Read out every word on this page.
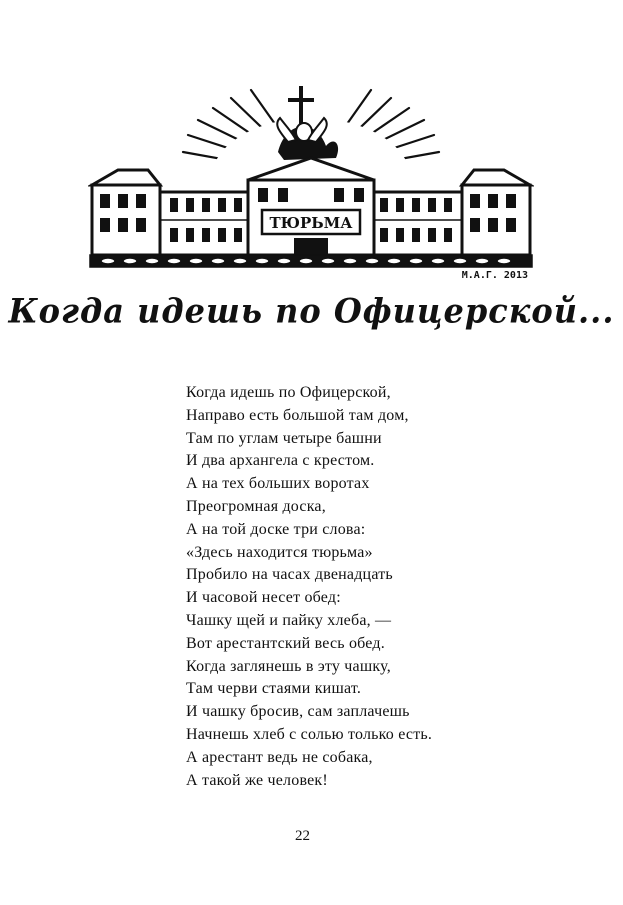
ТЮРЬМА
М.А.Г. 2013
Когда идешь по Офицерской...
Когда идешь по Офицерской,
Направо есть большой там дом,
Там по углам четыре башни
И два архангела с крестом.
А на тех больших воротах
Преогромная доска,
А на той доске три слова:
«Здесь находится тюрьма»
Пробило на часах двенадцать
И часовой несет обед:
Чашку щей и пайку хлеба, —
Вот арестантский весь обед.
Когда заглянешь в эту чашку,
Там черви стаями кишат.
И чашку бросив, сам заплачешь
Начнешь хлеб с солью только есть.
А арестант ведь не собака,
А такой же человек!
22
